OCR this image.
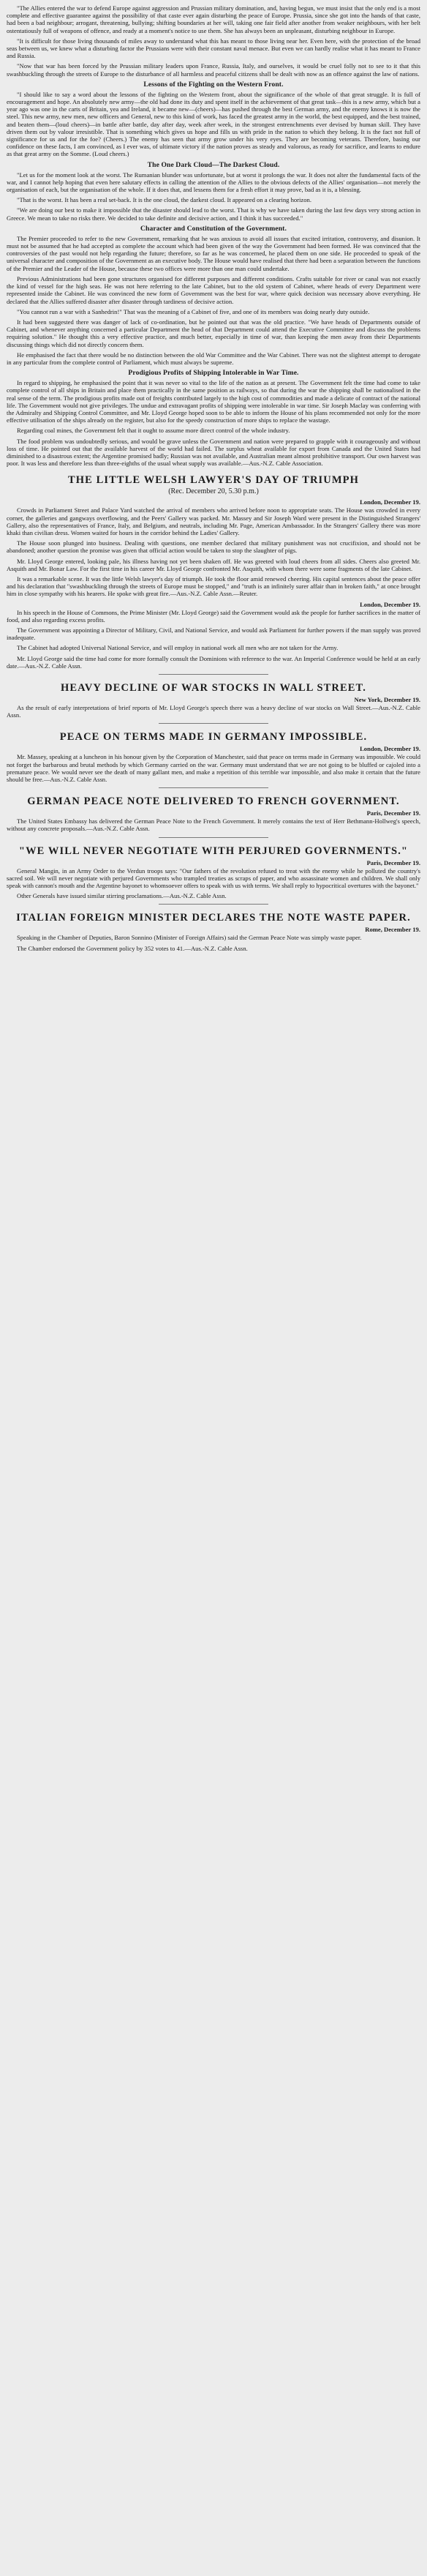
"The Allies entered the war to defend Europe against aggression and Prussian military domination, and, having begun, we must insist that the only end is a most complete and effective guarantee against the possibility of that caste ever again disturbing the peace of Europe. Prussia, since she got into the hands of that caste, had been a bad neighbour; arrogant, threatening, bullying; shifting boundaries at her will, taking one fair field after another from weaker neighbours, with her belt ostentatiously full of weapons of offence, and ready at a moment's notice to use them. She has always been an unpleasant, disturbing neighbour in Europe.

"It is difficult for those living thousands of miles away to understand what this has meant to those living near her. Even here, with the protection of the broad seas between us, we knew what a disturbing factor the Prussians were with their constant naval menace. But even we can hardly realise what it has meant to France and Russia.

"Now that war has been forced by the Prussian military leaders upon France, Russia, Italy, and ourselves, it would be cruel folly not to see to it that this swashbuckling through the streets of Europe to the disturbance of all harmless and peaceful citizens shall be dealt with now as an offence against the law of nations.

Lessons of the Fighting on the Western Front.

"I should like to say a word about the lessons of the fighting on the Western front, about the significance of the whole of that great struggle. It is full of encouragement and hope. An absolutely new army—the old had done its duty and spent itself in the achievement of that great task—this is a new army, which but a year ago was one in the carts of Britain, yea and Ireland, it became new—(cheers)—has pushed through the best German army, and the enemy knows it is now the steel. This new army, new men, new officers and General, new to this kind of work, has faced the greatest army in the world, the best equipped, and the best trained, and beaten them—(loud cheers)—in battle after battle, day after day, week after week, in the strongest entrenchments ever devised by human skill. They have driven them out by valour irresistible. That is something which gives us hope and fills us with pride in the nation to which they belong. It is the fact not full of significance for us and for the foe? (Cheers.) The enemy has seen that army grow under his very eyes. They are becoming veterans. Therefore, basing our confidence on these facts, I am convinced, as I ever was, of ultimate victory if the nation proves as steady and valorous, as ready for sacrifice, and learns to endure as that great army on the Somme. (Loud cheers.)

The One Dark Cloud—The Darkest Cloud.

"Let us for the moment look at the worst. The Rumanian blunder was unfortunate, but at worst it prolongs the war. It does not alter the fundamental facts of the war, and I cannot help hoping that even here salutary effects in calling the attention of the Allies to the obvious defects of the Allies' organisation—not merely the organisation of each, but the organisation of the whole. If it does that, and lessens them for a fresh effort it may prove, bad as it is, a blessing.

"That is the worst. It has been a real set-back. It is the one cloud, the darkest cloud. It appeared on a clearing horizon.

"We are doing our best to make it impossible that the disaster should lead to the worst. That is why we have taken during the last few days very strong action in Greece. We mean to take no risks there. We decided to take definite and decisive action, and I think it has succeeded."

Character and Constitution of the Government.

The Premier proceeded to refer to the new Government, remarking that he was anxious to avoid all issues that excited irritation, controversy, and disunion. It must not be assumed that he had accepted as complete the account which had been given of the way the Government had been formed. He was convinced that the controversies of the past would not help regarding the future; therefore, so far as he was concerned, he placed them on one side. He proceeded to speak of the universal character and composition of the Government as an executive body. The House would have realised that there had been a separation between the functions of the Premier and the Leader of the House, because these two offices were more than one man could undertake.

Previous Administrations had been gone structures organised for different purposes and different conditions. Crafts suitable for river or canal was not exactly the kind of vessel for the high seas. He was not here referring to the late Cabinet, but to the old system of Cabinet, where heads of every Department were represented inside the Cabinet. He was convinced the new form of Government was the best for war, where quick decision was necessary above everything. He declared that the Allies suffered disaster after disaster through tardiness of decisive action.

"You cannot run a war with a Sanhedrin!" That was the meaning of a Cabinet of five, and one of its members was doing nearly duty outside.

It had been suggested there was danger of lack of co-ordination, but he pointed out that was the old practice. "We have heads of Departments outside of Cabinet, and whenever anything concerned a particular Department the head of that Department could attend the Executive Committee and discuss the problems requiring solution." He thought this a very effective practice, and much better, especially in time of war, than keeping the men away from their Departments discussing things which did not directly concern them.

He emphasised the fact that there would be no distinction between the old War Committee and the War Cabinet. There was not the slightest attempt to derogate in any particular from the complete control of Parliament, which must always be supreme.

Prodigious Profits of Shipping Intolerable in War Time.

In regard to shipping, he emphasised the point that it was never so vital to the life of the nation as at present. The Government felt the time had come to take complete control of all ships in Britain and place them practically in the same position as railways, so that during the war the shipping shall be nationalised in the real sense of the term. The prodigious profits made out of freights contributed largely to the high cost of commodities and made a delicate of contract of the national life. The Government would not give privileges. The undue and extravagant profits of shipping were intolerable in war time. Sir Joseph Maclay was conferring with the Admiralty and Shipping Control Committee, and Mr. Lloyd George hoped soon to be able to inform the House of his plans recommended not only for the more effective utilisation of the ships already on the register, but also for the speedy construction of more ships to replace the wastage.

Regarding coal mines, the Government felt that it ought to assume more direct control of the whole industry.

The food problem was undoubtedly serious, and would be grave unless the Government and nation were prepared to grapple with it courageously and without loss of time. He pointed out that the available harvest of the world had failed. The surplus wheat available for export from Canada and the United States had diminished to a disastrous extent; the Argentine promised badly; Russian was not available, and Australian meant almost prohibitive transport. Our own harvest was poor. It was less and therefore less than three-eighths of the usual wheat supply was available.—Aus.-N.Z. Cable Association.

THE LITTLE WELSH LAWYER'S DAY OF TRIUMPH

(Rec. December 20, 5.30 p.m.)

London, December 19.

Crowds in Parliament Street and Palace Yard watched the arrival of members who arrived before noon to appropriate seats. The House was crowded in every corner, the galleries and gangways overflowing, and the Peers' Gallery was packed. Mr. Massey and Sir Joseph Ward were present in the Distinguished Strangers' Gallery, also the representatives of France, Italy, and Belgium, and neutrals, including Mr. Page, American Ambassador. In the Strangers' Gallery there was more khaki than civilian dress. Women waited for hours in the corridor behind the Ladies' Gallery.

The House soon plunged into business. Dealing with questions, one member declared that military punishment was not crucifixion, and should not be abandoned; another question the promise was given that official action would be taken to stop the slaughter of pigs.

Mr. Lloyd George entered, looking pale, his illness having not yet been shaken off. He was greeted with loud cheers from all sides. Cheers also greeted Mr. Asquith and Mr. Bonar Law. For the first time in his career Mr. Lloyd George confronted Mr. Asquith, with whom there were some fragments of the late Cabinet.

It was a remarkable scene. It was the little Welsh lawyer's day of triumph. He took the floor amid renewed cheering. His capital sentences about the peace offer and his declaration that "swashbuckling through the streets of Europe must be stopped," and "truth is an infinitely surer affair than in broken faith," at once brought him in close sympathy with his hearers. He spoke with great fire.—Aus.-N.Z. Cable Assn.—Reuter.

London, December 19.

In his speech in the House of Commons, the Prime Minister (Mr. Lloyd George) said the Government would ask the people for further sacrifices in the matter of food, and also regarding excess profits.

The Government was appointing a Director of Military, Civil, and National Service, and would ask Parliament for further powers if the man supply was proved inadequate.

The Cabinet had adopted Universal National Service, and will employ in national work all men who are not taken for the Army.

Mr. Lloyd George said the time had come for more formally consult the Dominions with reference to the war. An Imperial Conference would be held at an early date.—Aus.-N.Z. Cable Assn.

HEAVY DECLINE OF WAR STOCKS IN WALL STREET.

New York, December 19.

As the result of early interpretations of brief reports of Mr. Lloyd George's speech there was a heavy decline of war stocks on Wall Street.—Aus.-N.Z. Cable Assn.

PEACE ON TERMS MADE IN GERMANY IMPOSSIBLE.

London, December 19.

Mr. Massey, speaking at a luncheon in his honour given by the Corporation of Manchester, said that peace on terms made in Germany was impossible. We could not forget the barbarous and brutal methods by which Germany carried on the war. Germany must understand that we are not going to be bluffed or cajoled into a premature peace. We would never see the death of many gallant men, and make a repetition of this terrible war impossible, and also make it certain that the future should be free.—Aus.-N.Z. Cable Assn.

GERMAN PEACE NOTE DELIVERED TO FRENCH GOVERNMENT.

Paris, December 19.

The United States Embassy has delivered the German Peace Note to the French Government. It merely contains the text of Herr Bethmann-Hollweg's speech, without any concrete proposals.—Aus.-N.Z. Cable Assn.

"WE WILL NEVER NEGOTIATE WITH PERJURED GOVERNMENTS."

Paris, December 19.

General Mangin, in an Army Order to the Verdun troops says: "Our fathers of the revolution refused to treat with the enemy while he polluted the country's sacred soil. We will never negotiate with perjured Governments who trampled treaties as scraps of paper, and who assassinate women and children. We shall only speak with cannon's mouth and the Argentine bayonet to whomsoever offers to speak with us with terms. We shall reply to hypocritical overtures with the bayonet."

Other Generals have issued similar stirring proclamations.—Aus.-N.Z. Cable Assn.

ITALIAN FOREIGN MINISTER DECLARES THE NOTE WASTE PAPER.

Rome, December 19.

Speaking in the Chamber of Deputies, Baron Sonnino (Minister of Foreign Affairs) said the German Peace Note was simply waste paper.

The Chamber endorsed the Government policy by 352 votes to 41.—Aus.-N.Z. Cable Assn.
